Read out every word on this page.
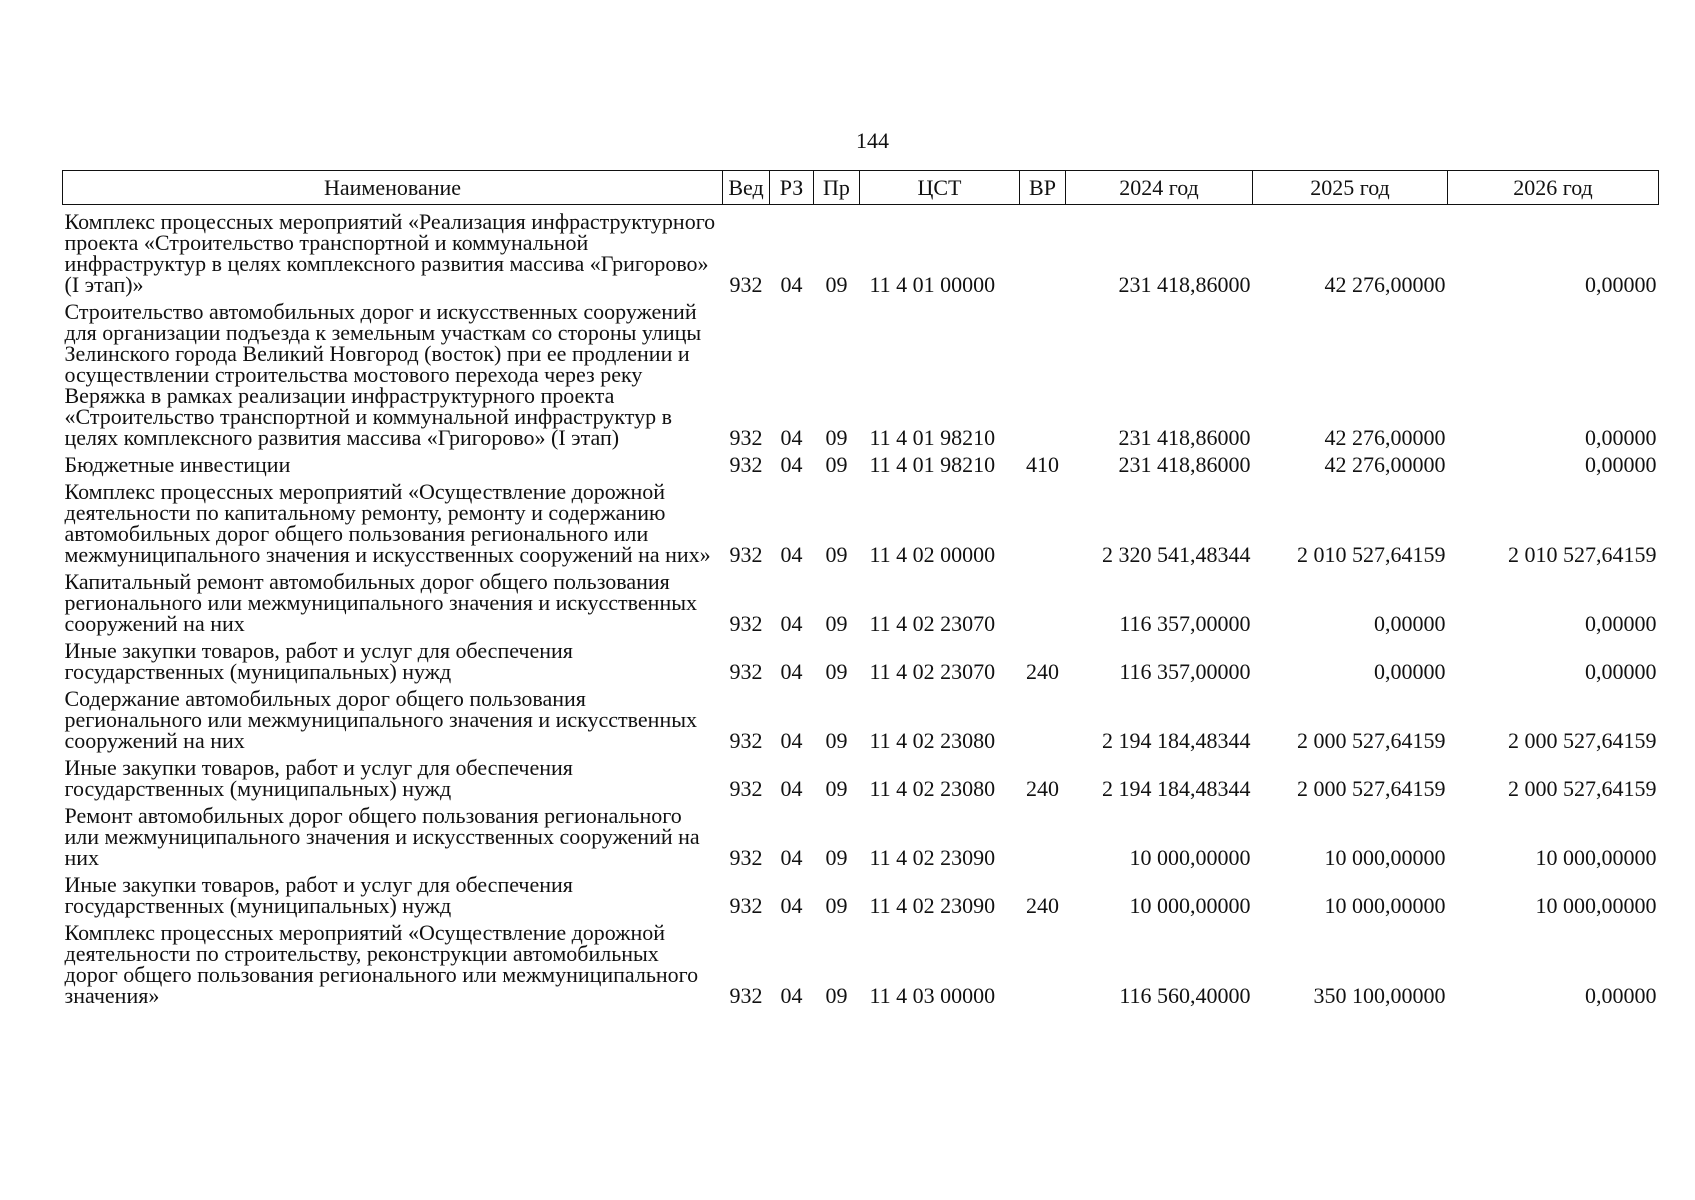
144
Наименование	Вед	РЗ	Пр	ЦСТ	ВР	2024 год	2025 год	2026 год
Комплекс процессных мероприятий «Реализация инфраструктурного проекта «Строительство транспортной и коммунальной инфраструктур в целях комплексного развития массива «Григорово» (I этап)»	932	04	09	11 4 01 00000		231 418,86000	42 276,00000	0,00000
Строительство автомобильных дорог и искусственных сооружений для организации подъезда к земельным участкам со стороны улицы Зелинского города Великий Новгород (восток) при ее продлении и осуществлении строительства мостового перехода через реку Веряжка в рамках реализации инфраструктурного проекта «Строительство транспортной и коммунальной инфраструктур в целях комплексного развития массива «Григорово» (I этап)	932	04	09	11 4 01 98210		231 418,86000	42 276,00000	0,00000
Бюджетные инвестиции	932	04	09	11 4 01 98210	410	231 418,86000	42 276,00000	0,00000
Комплекс процессных мероприятий «Осуществление дорожной деятельности по капитальному ремонту, ремонту и содержанию автомобильных дорог общего пользования регионального или межмуниципального значения и искусственных сооружений на них»	932	04	09	11 4 02 00000		2 320 541,48344	2 010 527,64159	2 010 527,64159
Капитальный ремонт автомобильных дорог общего пользования регионального или межмуниципального значения и искусственных сооружений на них	932	04	09	11 4 02 23070		116 357,00000	0,00000	0,00000
Иные закупки товаров, работ и услуг для обеспечения государственных (муниципальных) нужд	932	04	09	11 4 02 23070	240	116 357,00000	0,00000	0,00000
Содержание автомобильных дорог общего пользования регионального или межмуниципального значения и искусственных сооружений на них	932	04	09	11 4 02 23080		2 194 184,48344	2 000 527,64159	2 000 527,64159
Иные закупки товаров, работ и услуг для обеспечения государственных (муниципальных) нужд	932	04	09	11 4 02 23080	240	2 194 184,48344	2 000 527,64159	2 000 527,64159
Ремонт автомобильных дорог общего пользования регионального или межмуниципального значения и искусственных сооружений на них	932	04	09	11 4 02 23090		10 000,00000	10 000,00000	10 000,00000
Иные закупки товаров, работ и услуг для обеспечения государственных (муниципальных) нужд	932	04	09	11 4 02 23090	240	10 000,00000	10 000,00000	10 000,00000
Комплекс процессных мероприятий «Осуществление дорожной деятельности по строительству, реконструкции автомобильных дорог общего пользования регионального или межмуниципального значения»	932	04	09	11 4 03 00000		116 560,40000	350 100,00000	0,00000
